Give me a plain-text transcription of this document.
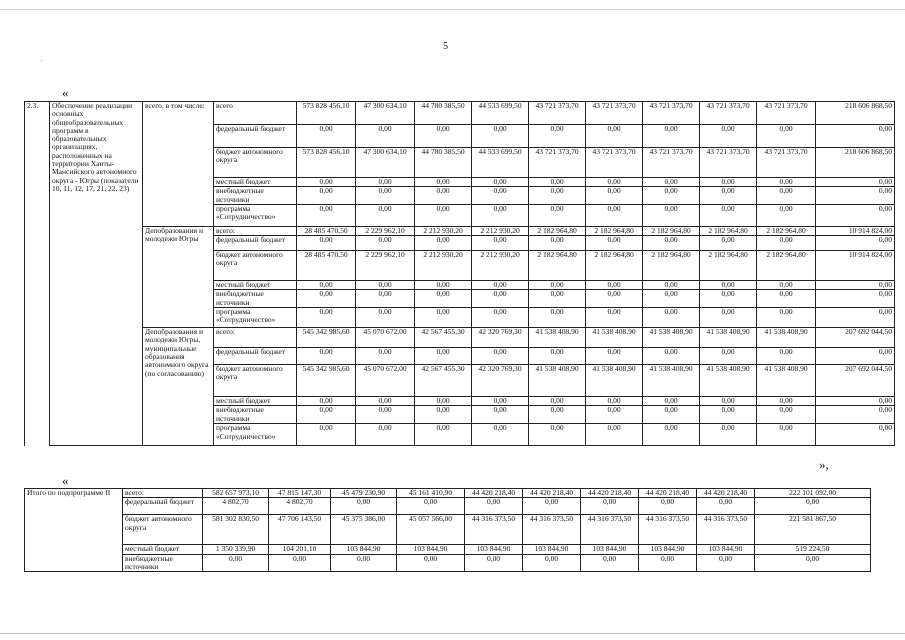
5
«
2.3.	Обеспечение реализации основных общеобразовательных программ в образовательных организациях, расположенных на территории Ханты-Мансийского автономного округа - Югры (показатели 10, 11, 12, 17, 21, 22, 23)	всего, в том числе:	всего	573 828 456,10	47 300 634,10	44 780 385,50	44 533 699,50	43 721 373,70	43 721 373,70	43 721 373,70	43 721 373,70	43 721 373,70	218 606 868,50
			федеральный бюджет	0,00	0,00	0,00	0,00	0,00	0,00	0,00	0,00	0,00	0,00
			бюджет автономного округа	573 828 456,10	47 300 634,10	44 780 385,50	44 533 699,50	43 721 373,70	43 721 373,70	43 721 373,70	43 721 373,70	43 721 373,70	218 606 868,50
			местный бюджет	0,00	0,00	0,00	0,00	0,00	0,00	0,00	0,00	0,00	0,00
			внебюджетные источники	0,00	0,00	0,00	0,00	0,00	0,00	0,00	0,00	0,00	0,00
			программа «Сотрудничество»	0,00	0,00	0,00	0,00	0,00	0,00	0,00	0,00	0,00	0,00
		Депобразования и молодежи Югры	всего:	28 485 470,50	2 229 962,10	2 212 930,20	2 212 930,20	2 182 964,80	2 182 964,80	2 182 964,80	2 182 964,80	2 182 964,80	10 914 824,00
			федеральный бюджет	0,00	0,00	0,00	0,00	0,00	0,00	0,00	0,00	0,00	0,00
			бюджет автономного округа	28 485 470,50	2 229 962,10	2 212 930,20	2 212 930,20	2 182 964,80	2 182 964,80	2 182 964,80	2 182 964,80	2 182 964,80	10 914 824,00
			местный бюджет	0,00	0,00	0,00	0,00	0,00	0,00	0,00	0,00	0,00	0,00
			внебюджетные источники	0,00	0,00	0,00	0,00	0,00	0,00	0,00	0,00	0,00	0,00
			программа «Сотрудничество»	0,00	0,00	0,00	0,00	0,00	0,00	0,00	0,00	0,00	0,00
		Депобразования и молодежи Югры, муниципальные образования автономного округа (по согласованию)	всего:	545 342 985,60	45 070 672,00	42 567 455,30	42 320 769,30	41 538 408,90	41 538 408,90	41 538 408,90	41 538 408,90	41 538 408,90	207 692 044,50
			федеральный бюджет	0,00	0,00	0,00	0,00	0,00	0,00	0,00	0,00	0,00	0,00
			бюджет автономного округа	545 342 985,60	45 070 672,00	42 567 455,30	42 320 769,30	41 538 408,90	41 538 408,90	41 538 408,90	41 538 408,90	41 538 408,90	207 692 044,50
			местный бюджет	0,00	0,00	0,00	0,00	0,00	0,00	0,00	0,00	0,00	0,00
			внебюджетные источники	0,00	0,00	0,00	0,00	0,00	0,00	0,00	0,00	0,00	0,00
			программа «Сотрудничество»	0,00	0,00	0,00	0,00	0,00	0,00	0,00	0,00	0,00	0,00
»,
«
Итого по подпрограмме II	всего:	582 657 973,10	47 815 147,30	45 479 230,90	45 161 410,90	44 420 218,40	44 420 218,40	44 420 218,40	44 420 218,40	44 420 218,40	222 101 092,00
	федеральный бюджет	4 802,70	4 802,70	0,00	0,00	0,00	0,00	0,00	0,00	0,00	0,00
	бюджет автономного округа	581 302 830,50	47 706 143,50	45 375 386,00	45 057 566,00	44 316 373,50	44 316 373,50	44 316 373,50	44 316 373,50	44 316 373,50	221 581 867,50
	местный бюджет	1 350 339,90	104 201,10	103 844,90	103 844,90	103 844,90	103 844,90	103 844,90	103 844,90	103 844,90	519 224,50
	внебюджетные источники	0,00	0,00	0,00	0,00	0,00	0,00	0,00	0,00	0,00	0,00
